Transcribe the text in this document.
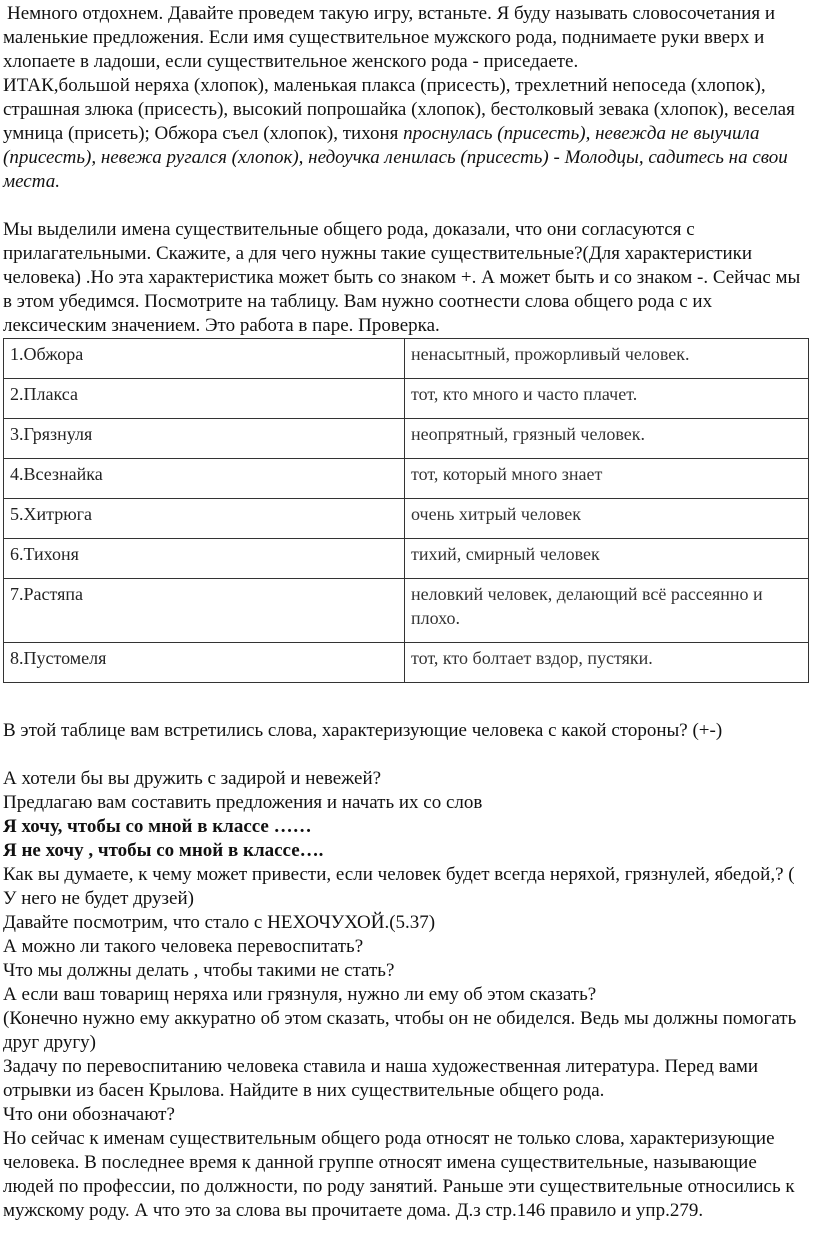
Немного отдохнем. Давайте проведем такую игру, встаньте. Я буду называть словосочетания и маленькие предложения. Если имя существительное мужского рода, поднимаете руки вверх и хлопаете в ладоши, если существительное женского рода - приседаете.

ИТАК,большой неряха (хлопок), маленькая плакса (присесть), трехлетний непоседа (хлопок), страшная злюка (присесть), высокий попрошайка (хлопок), бестолковый зевака (хлопок), веселая умница (присеть); Обжора съел (хлопок), тихоня проснулась (присесть), невежда не выучила (присесть), невежа ругался (хлопок), недоучка ленилась (присесть) - Молодцы, садитесь на свои места.

Мы выделили имена существительные общего рода, доказали, что они согласуются с прилагательными. Скажите, а для чего нужны такие существительные?(Для характеристики человека) .Но эта характеристика может быть со знаком +. А может быть и со знаком -. Сейчас мы в этом убедимся. Посмотрите на таблицу. Вам нужно соотнести слова общего рода с их лексическим значением. Это работа в паре. Проверка.

1.Обжора	ненасытный, прожорливый человек.
2.Плакса	тот, кто много и часто плачет.
3.Грязнуля	неопрятный, грязный человек.
4.Всезнайка	тот, который много знает
5.Хитрюга	очень хитрый человек
6.Тихоня	тихий, смирный человек
7.Растяпа	неловкий человек, делающий всё рассеянно и плохо.
8.Пустомеля	тот, кто болтает вздор, пустяки.

В этой таблице вам встретились слова, характеризующие человека с какой стороны? (+-)

А хотели бы вы дружить с задирой и невежей?

Предлагаю вам составить предложения и начать их со слов

Я хочу, чтобы со мной в классе ……

Я не хочу , чтобы со мной в классе….

Как вы думаете, к чему может привести, если человек будет всегда неряхой, грязнулей, ябедой,? ( У него не будет друзей)

Давайте посмотрим, что стало с НЕХОЧУХОЙ.(5.37)

А можно ли такого человека перевоспитать?

Что мы должны делать , чтобы такими не стать?

А если ваш товарищ неряха или грязнуля, нужно ли ему об этом сказать?

(Конечно нужно ему аккуратно об этом сказать, чтобы он не обиделся. Ведь мы должны помогать друг другу)

Задачу по перевоспитанию человека ставила и наша художественная литература. Перед вами отрывки из басен Крылова. Найдите в них существительные общего рода.

Что они обозначают?

Но сейчас к именам существительным общего рода относят не только слова, характеризующие человека. В последнее время к данной группе относят имена существительные, называющие людей по профессии, по должности, по роду занятий. Раньше эти существительные относились к мужскому роду. А что это за слова вы прочитаете дома. Д.з стр.146 правило и упр.279.
